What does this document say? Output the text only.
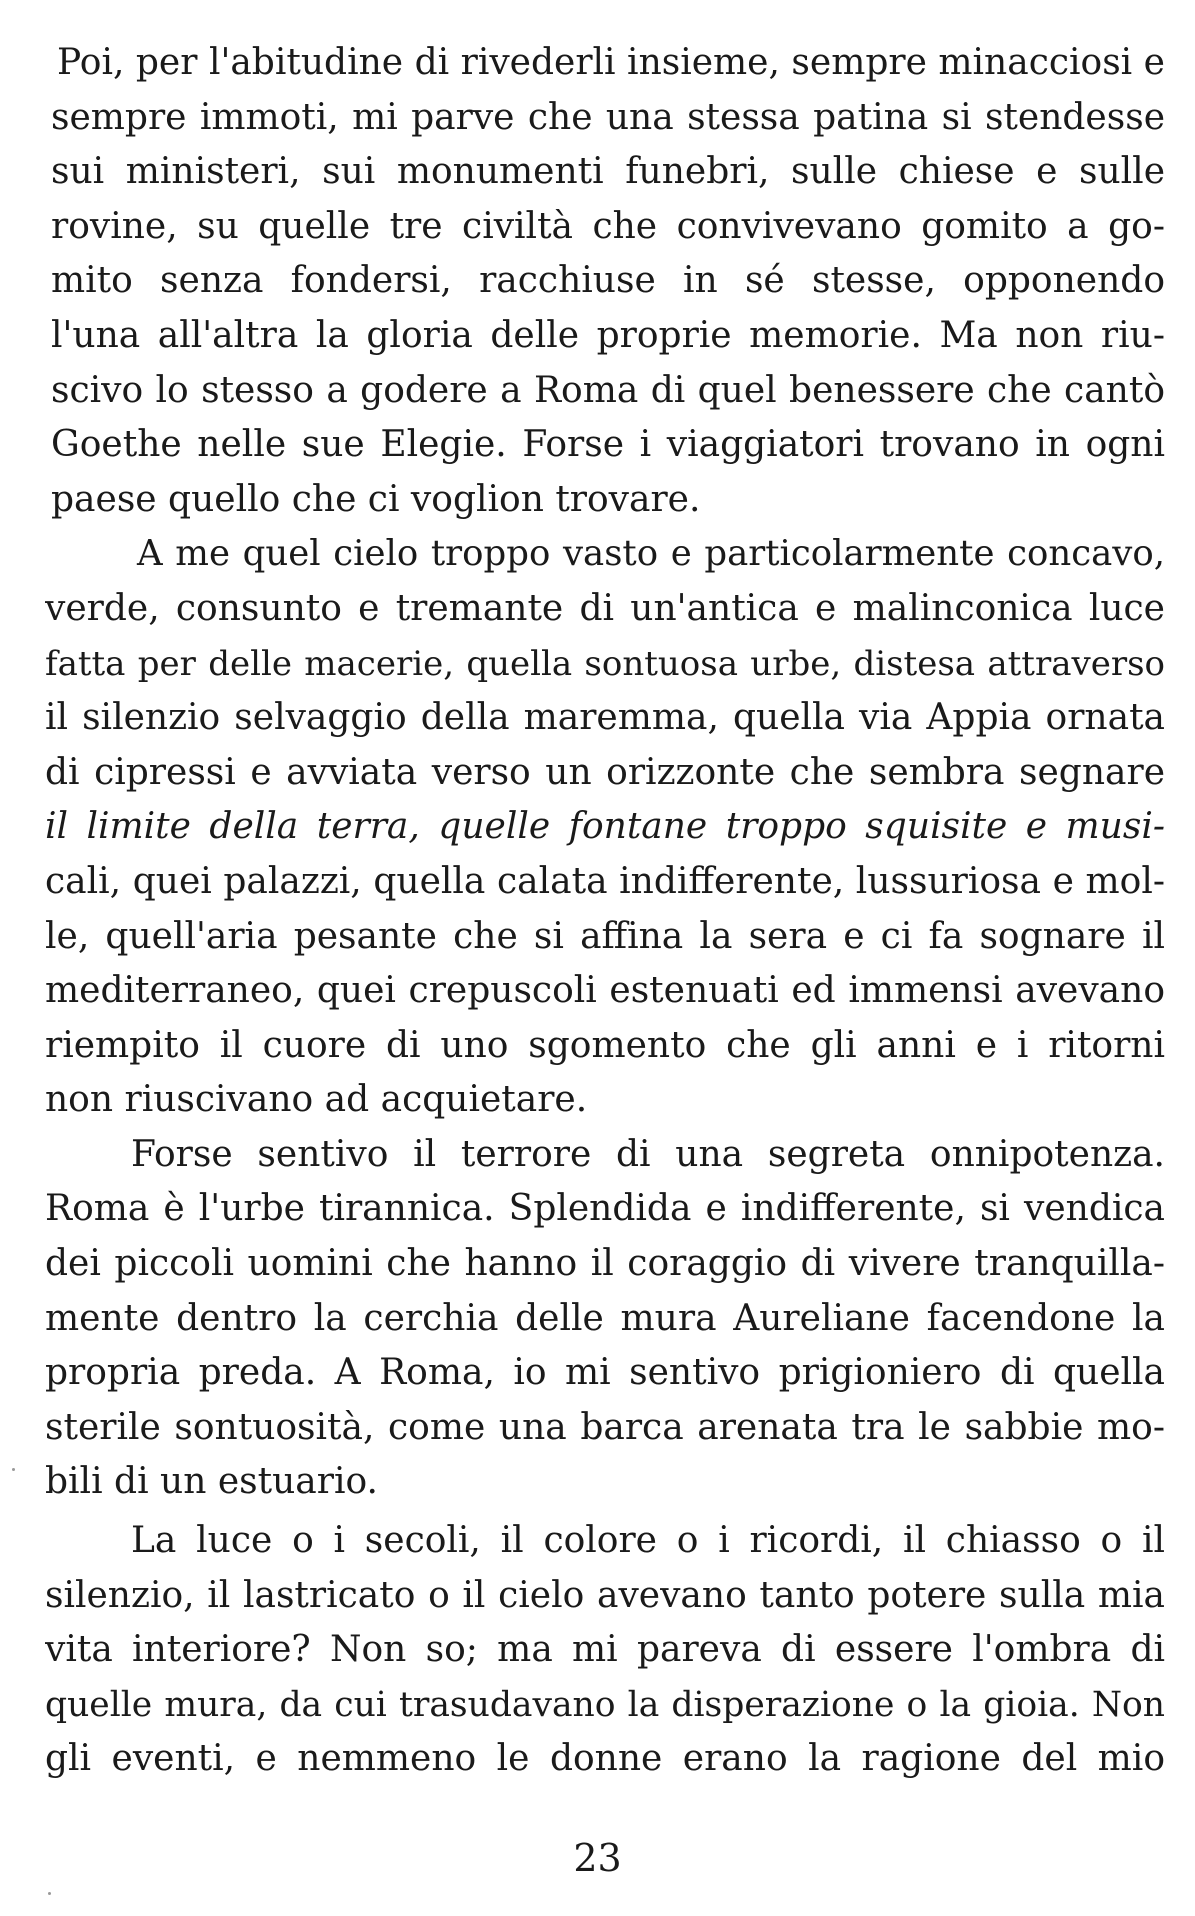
Poi, per l'abitudine di rivederli insieme, sempre minacciosi e
sempre immoti, mi parve che una stessa patina si stendesse
sui ministeri, sui monumenti funebri, sulle chiese e sulle
rovine, su quelle tre civiltà che convivevano gomito a go-
mito senza fondersi, racchiuse in sé stesse, opponendo
l'una all'altra la gloria delle proprie memorie. Ma non riu-
scivo lo stesso a godere a Roma di quel benessere che cantò
Goethe nelle sue Elegie. Forse i viaggiatori trovano in ogni
paese quello che ci voglion trovare.
A me quel cielo troppo vasto e particolarmente concavo,
verde, consunto e tremante di un'antica e malinconica luce
fatta per delle macerie, quella sontuosa urbe, distesa attraverso
il silenzio selvaggio della maremma, quella via Appia ornata
di cipressi e avviata verso un orizzonte che sembra segnare
il limite della terra, quelle fontane troppo squisite e musi-
cali, quei palazzi, quella calata indifferente, lussuriosa e mol-
le, quell'aria pesante che si affina la sera e ci fa sognare il
mediterraneo, quei crepuscoli estenuati ed immensi avevano
riempito il cuore di uno sgomento che gli anni e i ritorni
non riuscivano ad acquietare.
Forse sentivo il terrore di una segreta onnipotenza.
Roma è l'urbe tirannica. Splendida e indifferente, si vendica
dei piccoli uomini che hanno il coraggio di vivere tranquilla-
mente dentro la cerchia delle mura Aureliane facendone la
propria preda. A Roma, io mi sentivo prigioniero di quella
sterile sontuosità, come una barca arenata tra le sabbie mo-
bili di un estuario.
La luce o i secoli, il colore o i ricordi, il chiasso o il
silenzio, il lastricato o il cielo avevano tanto potere sulla mia
vita interiore? Non so; ma mi pareva di essere l'ombra di
quelle mura, da cui trasudavano la disperazione o la gioia. Non
gli eventi, e nemmeno le donne erano la ragione del mio
23
